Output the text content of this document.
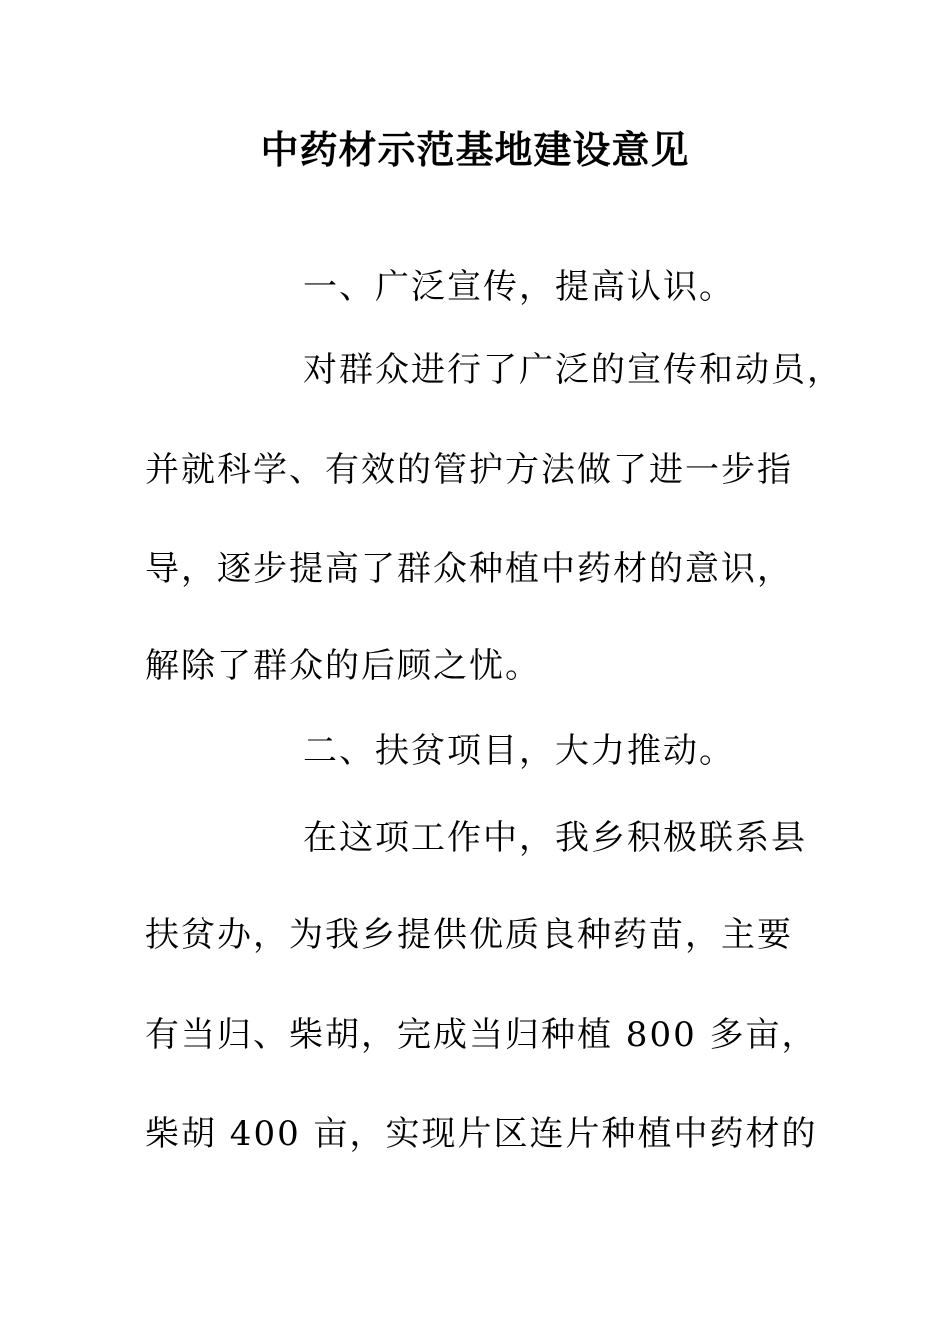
中药材示范基地建设意见
一、广泛宣传，提高认识。
对群众进行了广泛的宣传和动员，
并就科学、有效的管护方法做了进一步指
导，逐步提高了群众种植中药材的意识，
解除了群众的后顾之忧。
二、扶贫项目，大力推动。
在这项工作中，我乡积极联系县
扶贫办，为我乡提供优质良种药苗，主要
有当归、柴胡，完成当归种植 800 多亩，
柴胡 400 亩，实现片区连片种植中药材的
